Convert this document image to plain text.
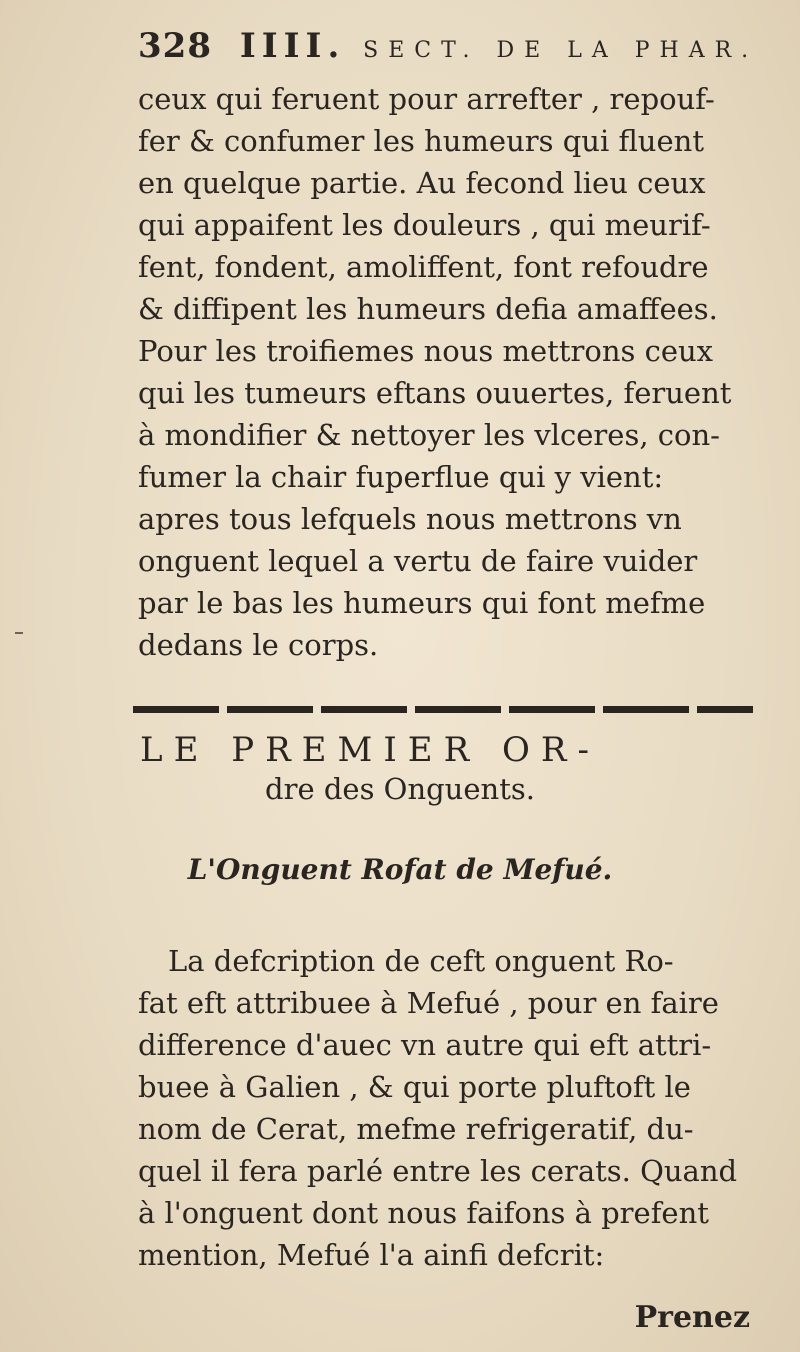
328 IIII. SECT. DE LA PHAR.
ceux qui feruent pour arrefter , repouf-
fer & confumer les humeurs qui fluent
en quelque partie. Au fecond lieu ceux
qui appaifent les douleurs , qui meurif-
fent, fondent, amoliffent, font refoudre
& diffipent les humeurs defia amaffees.
Pour les troifiemes nous mettrons ceux
qui les tumeurs eftans ouuertes, feruent
à mondifier & nettoyer les vlceres, con-
fumer la chair fuperflue qui y vient:
apres tous lefquels nous mettrons vn
onguent lequel a vertu de faire vuider
par le bas les humeurs qui font mefme
dedans le corps.
LE PREMIER OR-
dre des Onguents.
L'Onguent Rofat de Mefué.
La defcription de ceft onguent Ro-
fat eft attribuee à Mefué , pour en faire
difference d'auec vn autre qui eft attri-
buee à Galien , & qui porte pluftoft le
nom de Cerat, mefme refrigeratif, du-
quel il fera parlé entre les cerats. Quand
à l'onguent dont nous faifons à prefent
mention, Mefué l'a ainfi defcrit:
Prenez
